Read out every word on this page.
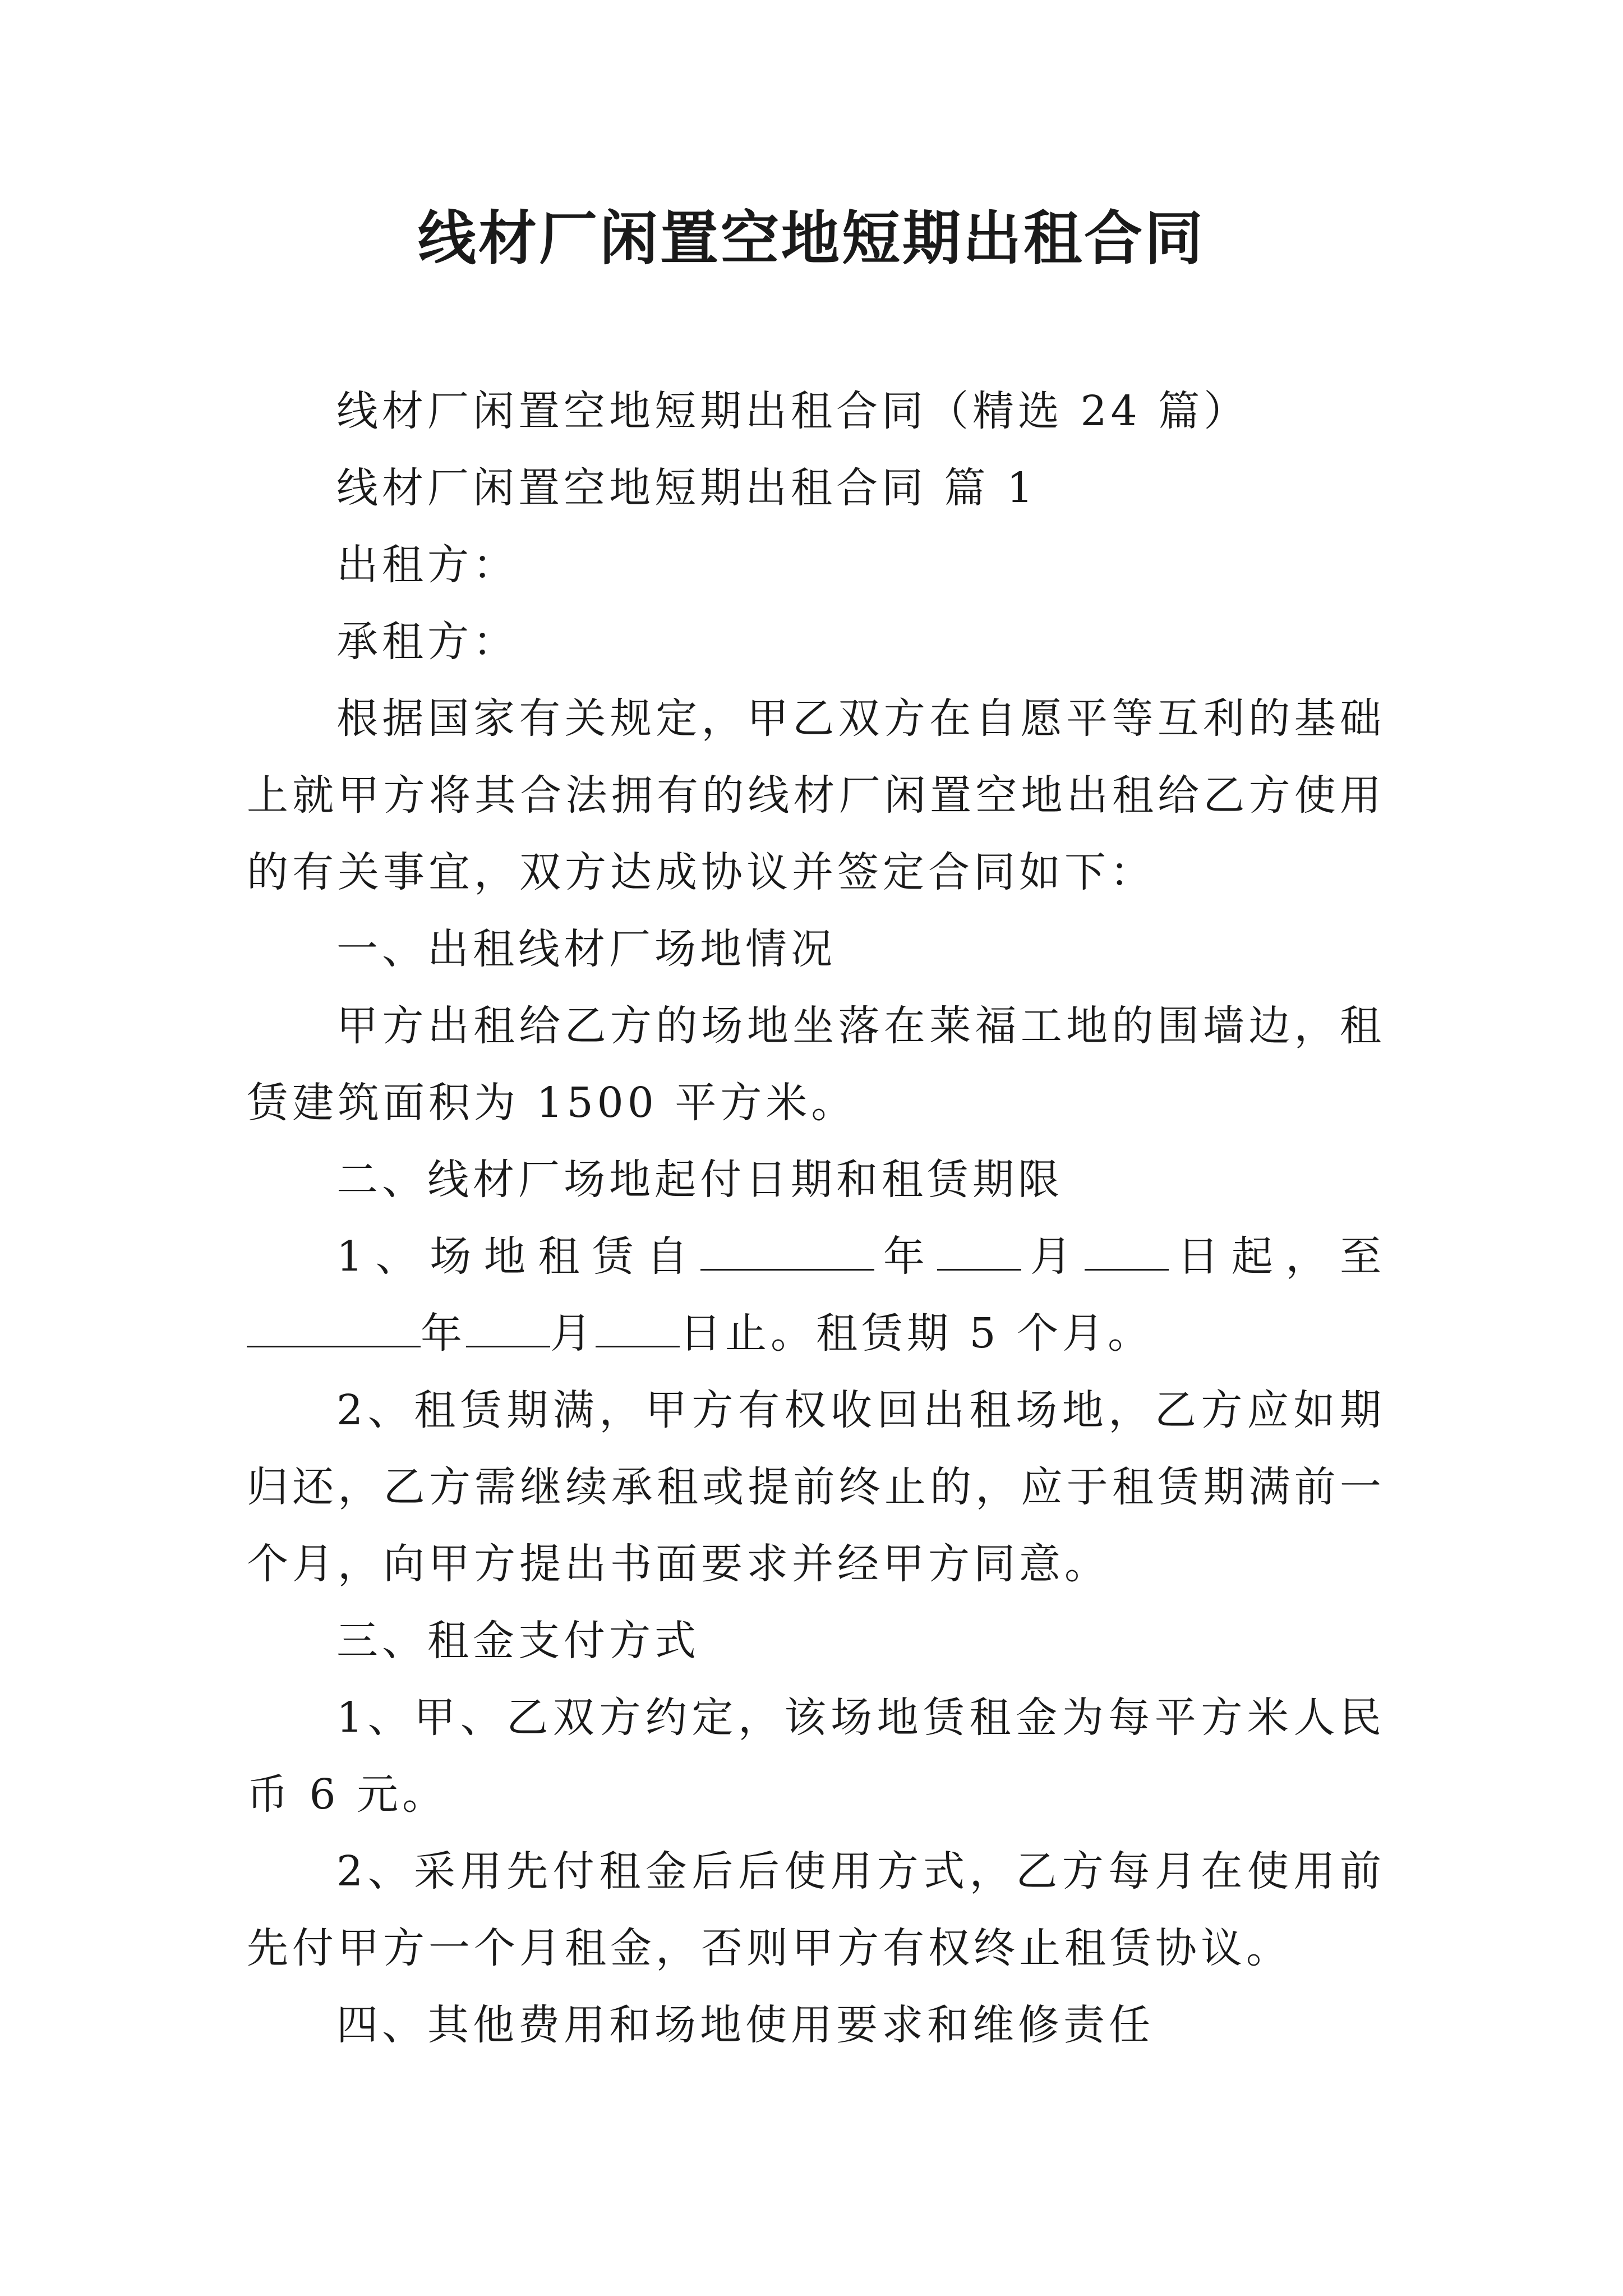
线材厂闲置空地短期出租合同

线材厂闲置空地短期出租合同（精选 24 篇）

线材厂闲置空地短期出租合同 篇 1

出租方：

承租方：

根据国家有关规定，甲乙双方在自愿平等互利的基础上就甲方将其合法拥有的线材厂闲置空地出租给乙方使用的有关事宜，双方达成协议并签定合同如下：

一、出租线材厂场地情况

甲方出租给乙方的场地坐落在莱福工地的围墙边，租赁建筑面积为 1500 平方米。

二、线材厂场地起付日期和租赁期限

1、场地租赁自	年 月 日起，至年 月 日止。租赁期 5 个月。

2、租赁期满，甲方有权收回出租场地，乙方应如期归还，乙方需继续承租或提前终止的，应于租赁期满前一个月，向甲方提出书面要求并经甲方同意。

三、租金支付方式

1、甲、乙双方约定，该场地赁租金为每平方米人民币 6 元。

2、采用先付租金后后使用方式，乙方每月在使用前先付甲方一个月租金，否则甲方有权终止租赁协议。

四、其他费用和场地使用要求和维修责任
